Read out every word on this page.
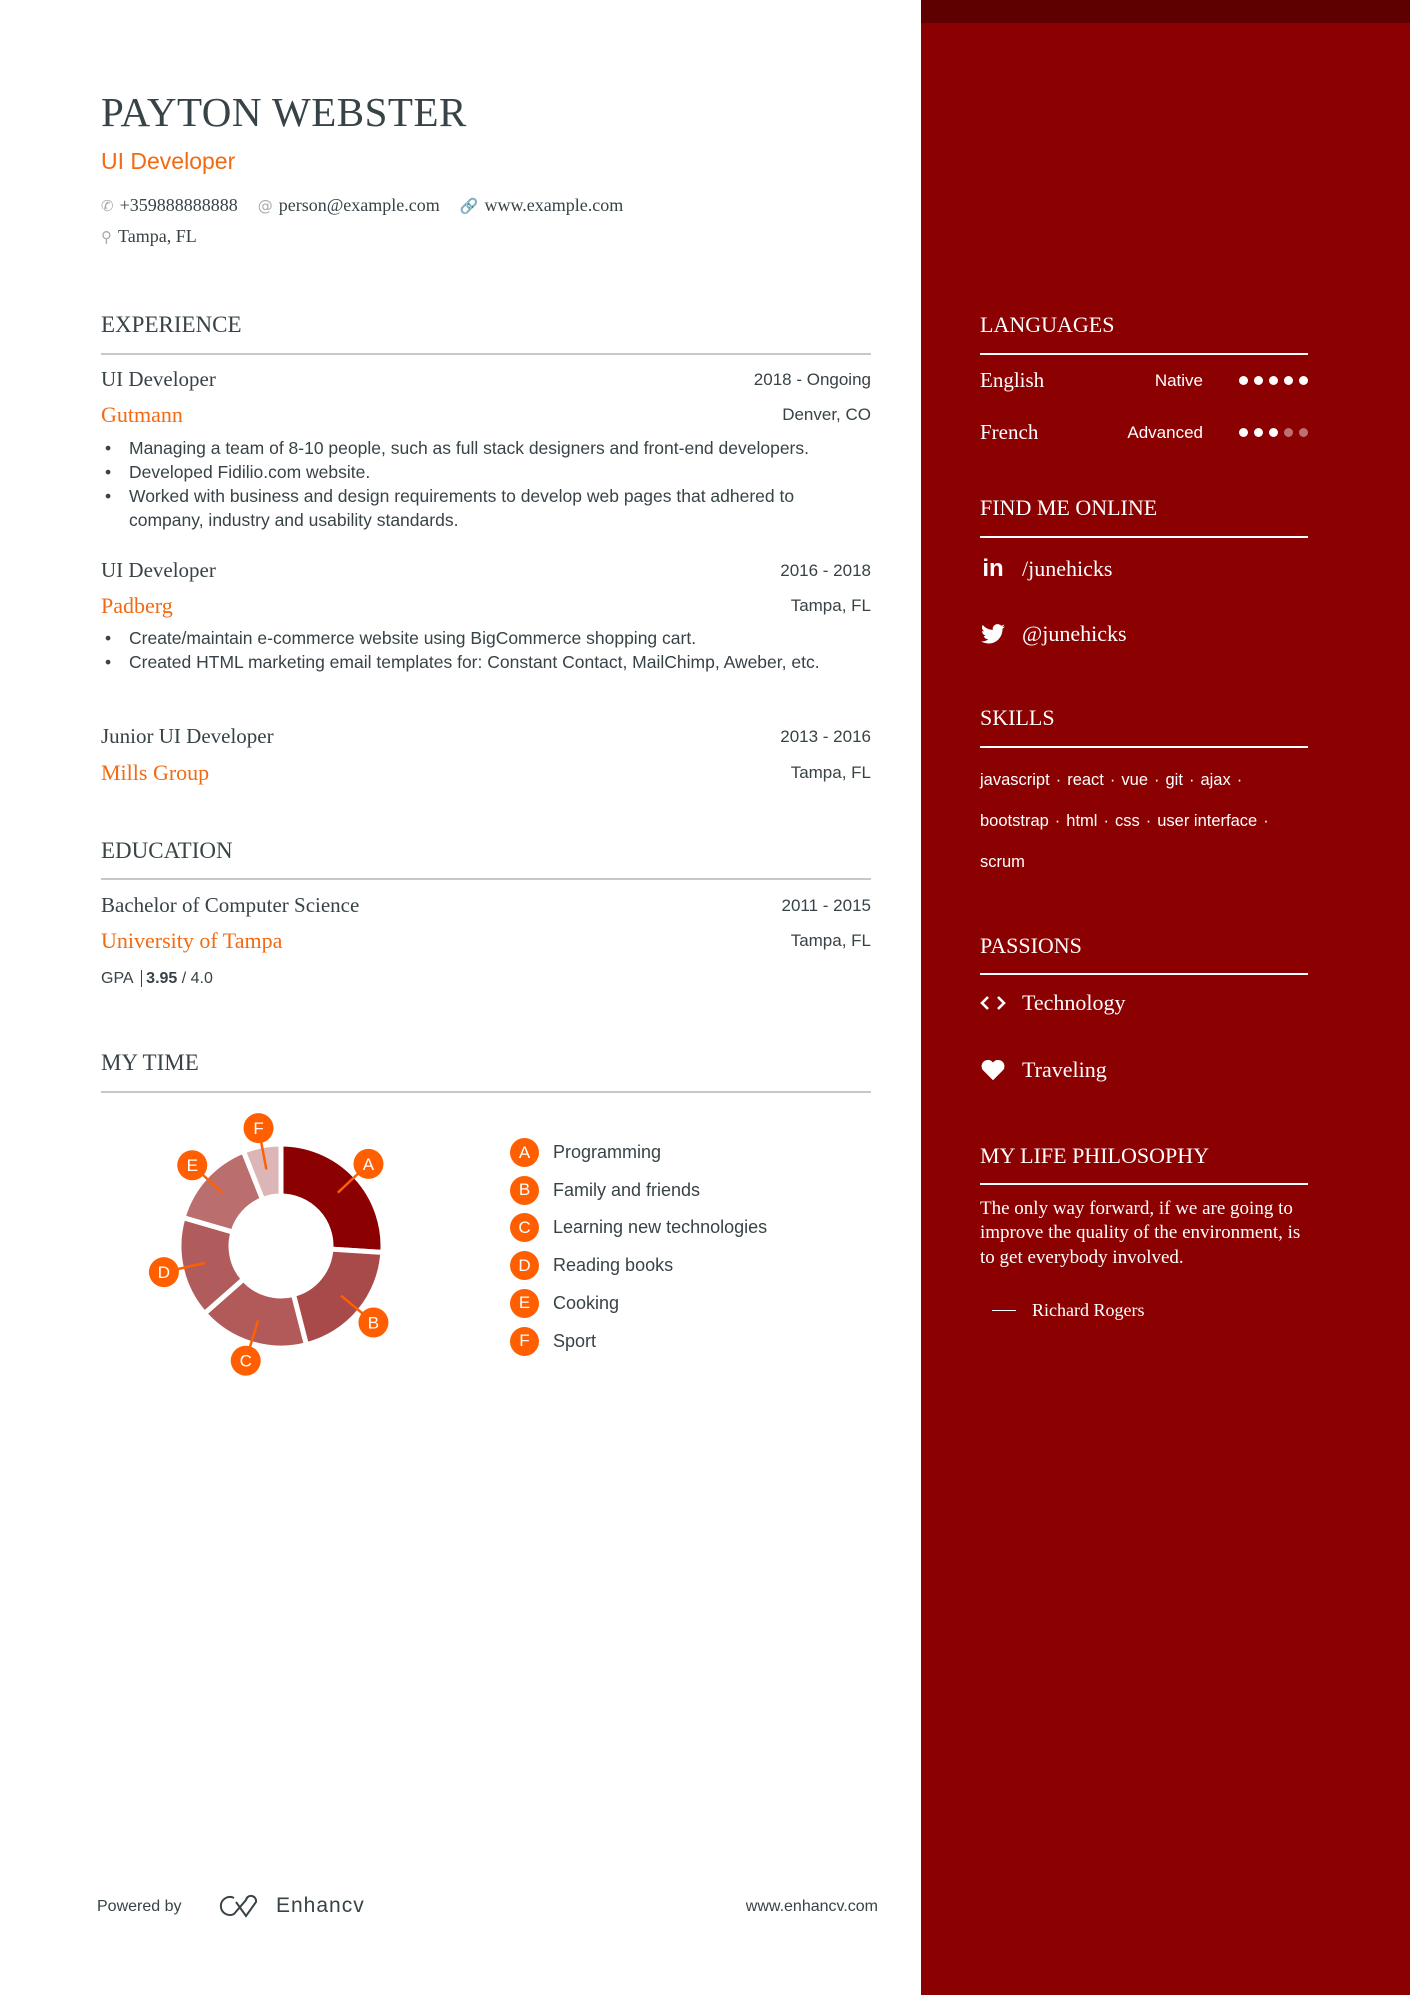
PAYTON WEBSTER
UI Developer
✆ +359888888888 @ person@example.com 🔗 www.example.com
⚲ Tampa, FL
EXPERIENCE
UI Developer	2018 - Ongoing
Gutmann	Denver, CO
• Managing a team of 8-10 people, such as full stack designers and front-end developers.
• Developed Fidilio.com website.
• Worked with business and design requirements to develop web pages that adhered to company, industry and usability standards.
UI Developer	2016 - 2018
Padberg	Tampa, FL
• Create/maintain e-commerce website using BigCommerce shopping cart.
• Created HTML marketing email templates for: Constant Contact, MailChimp, Aweber, etc.
Junior UI Developer	2013 - 2016
Mills Group	Tampa, FL
EDUCATION
Bachelor of Computer Science	2011 - 2015
University of Tampa	Tampa, FL
GPA 3.95 / 4.0
MY TIME
A
B
C
D
E
F
A	Programming
B	Family and friends
C	Learning new technologies
D	Reading books
E	Cooking
F	Sport
LANGUAGES
English	Native
French	Advanced
FIND ME ONLINE
in /junehicks
@junehicks
SKILLS
javascript · react · vue · git · ajax ·
bootstrap · html · css · user interface ·
scrum
PASSIONS
Technology
Traveling
MY LIFE PHILOSOPHY
The only way forward, if we are going to improve the quality of the environment, is to get everybody involved.
Richard Rogers
Powered by	Enhancv	www.enhancv.com
